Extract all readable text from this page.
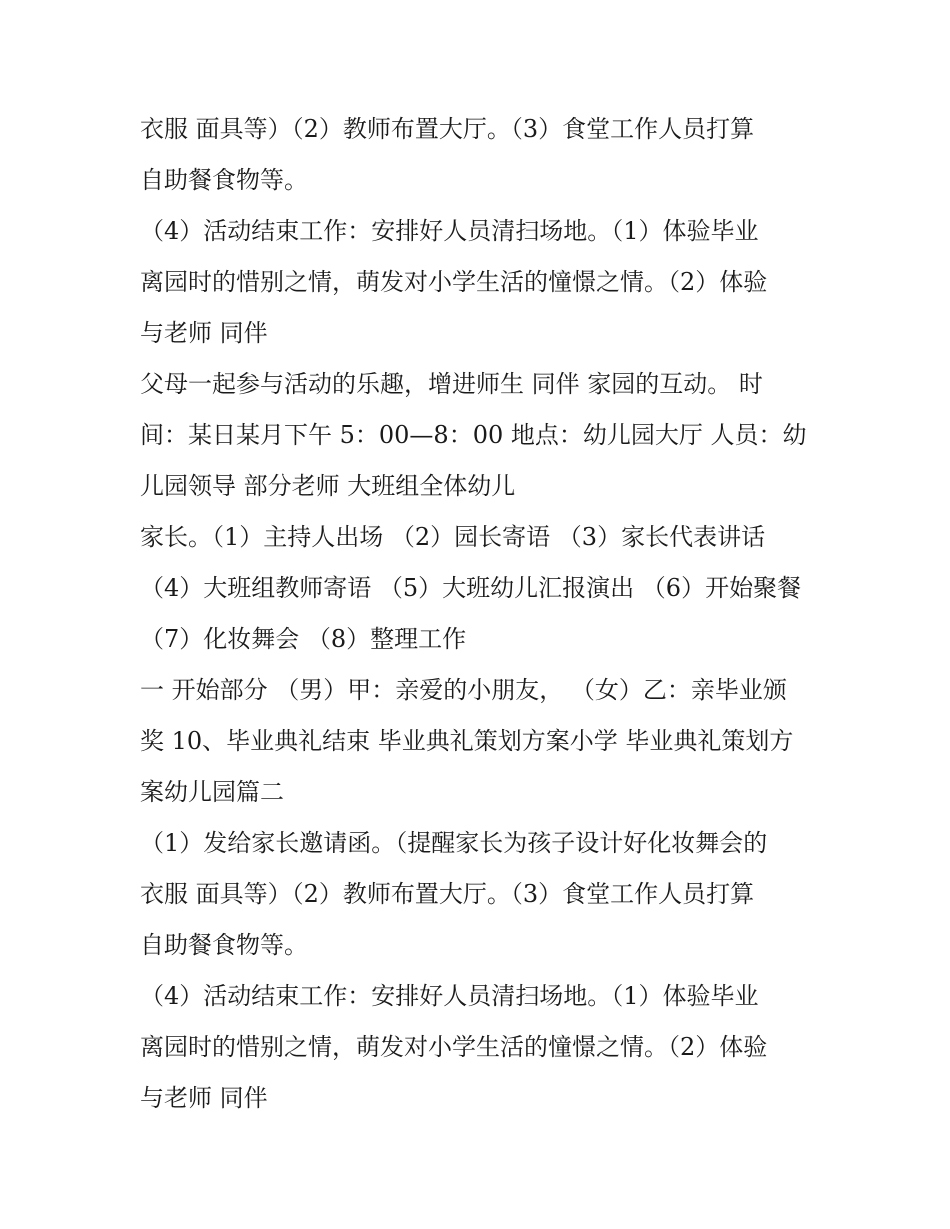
衣服 面具等）（2）教师布置大厅。（3）食堂工作人员打算
自助餐食物等。
（4）活动结束工作：安排好人员清扫场地。（1）体验毕业
离园时的惜别之情，萌发对小学生活的憧憬之情。（2）体验
与老师 同伴
父母一起参与活动的乐趣，增进师生 同伴 家园的互动。 时
间：某日某月下午 5：00—8：00 地点：幼儿园大厅 人员：幼
儿园领导 部分老师 大班组全体幼儿
家长。（1）主持人出场 （2）园长寄语 （3）家长代表讲话
（4）大班组教师寄语 （5）大班幼儿汇报演出 （6）开始聚餐
（7）化妆舞会 （8）整理工作
一 开始部分 （男）甲：亲爱的小朋友， （女）乙：亲毕业颁
奖 10、毕业典礼结束 毕业典礼策划方案小学 毕业典礼策划方
案幼儿园篇二
（1）发给家长邀请函。（提醒家长为孩子设计好化妆舞会的
衣服 面具等）（2）教师布置大厅。（3）食堂工作人员打算
自助餐食物等。
（4）活动结束工作：安排好人员清扫场地。（1）体验毕业
离园时的惜别之情，萌发对小学生活的憧憬之情。（2）体验
与老师 同伴
